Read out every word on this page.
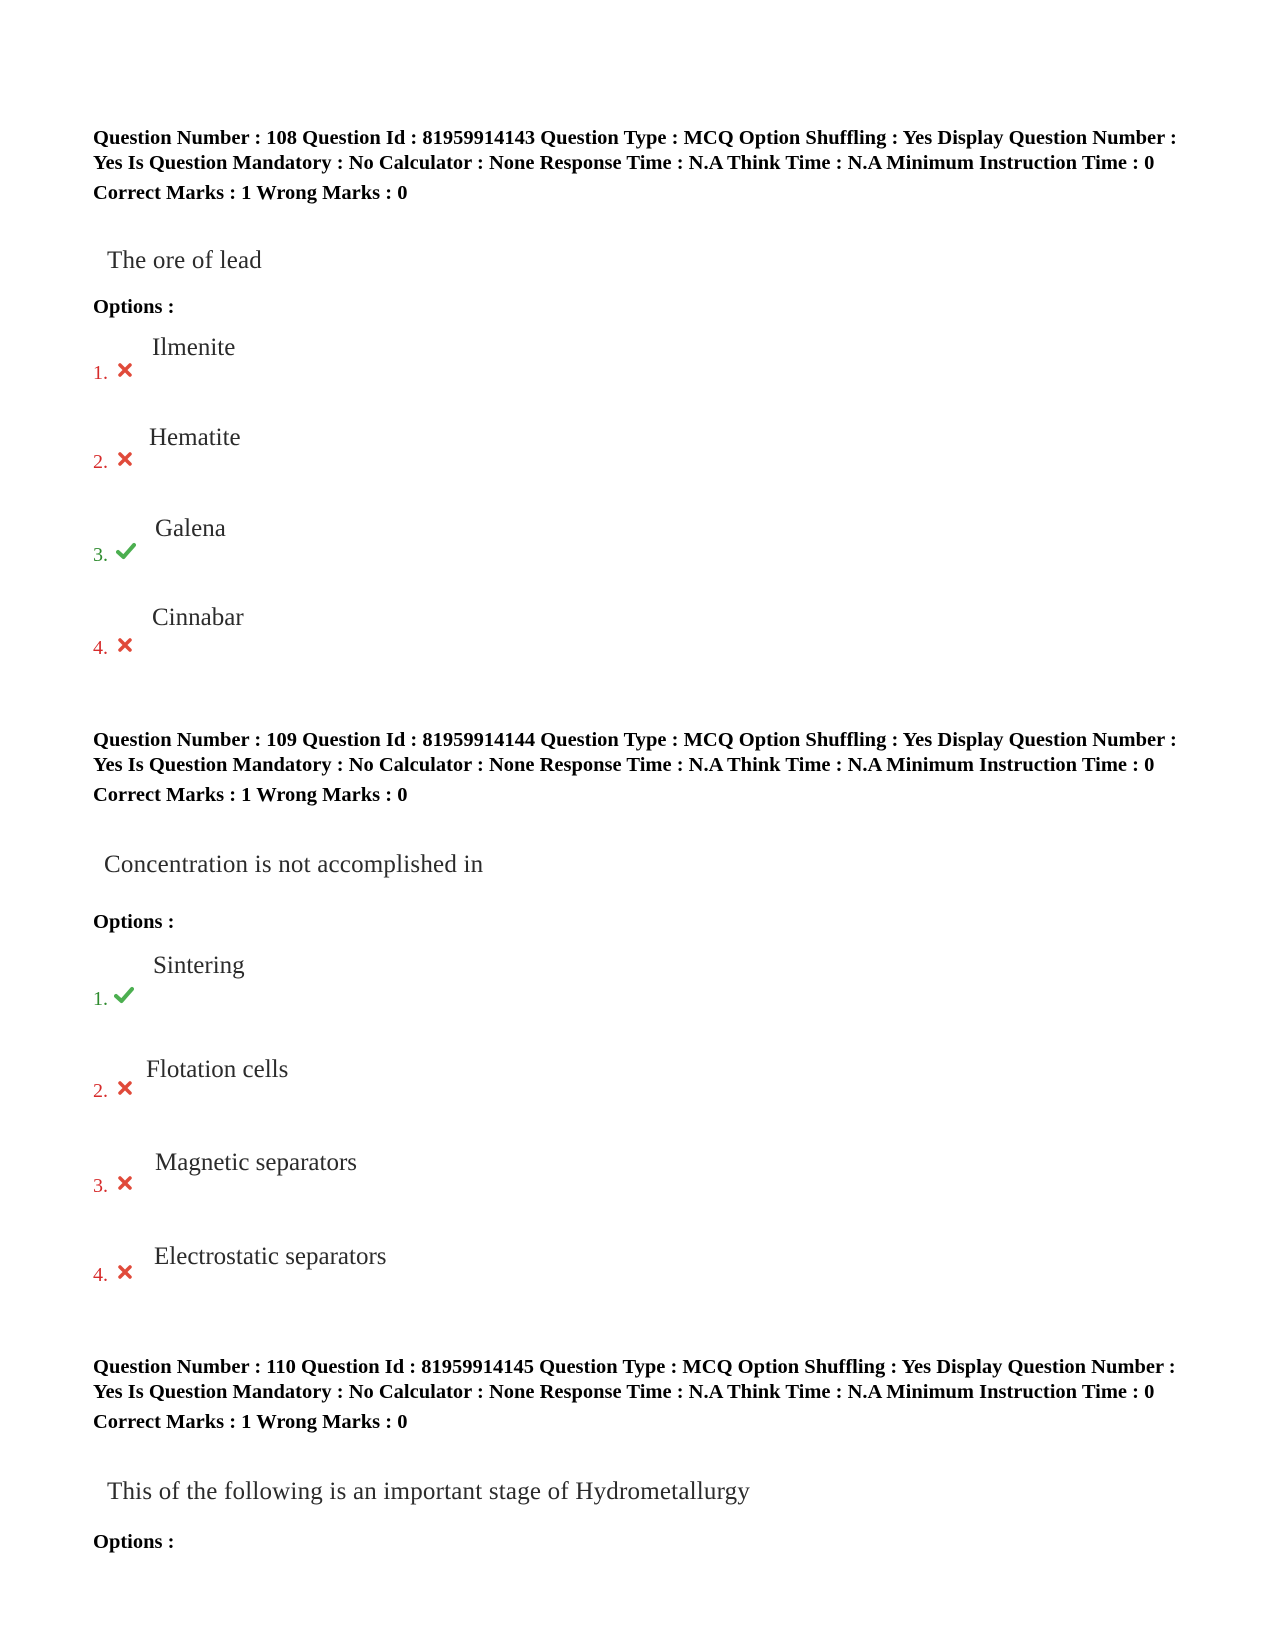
Question Number : 108 Question Id : 81959914143 Question Type : MCQ Option Shuffling : Yes Display Question Number : Yes Is Question Mandatory : No Calculator : None Response Time : N.A Think Time : N.A Minimum Instruction Time : 0

Correct Marks : 1 Wrong Marks : 0
The ore of lead
Options :
Ilmenite
1.
Hematite
2.
Galena
3.
Cinnabar
4.

Question Number : 109 Question Id : 81959914144 Question Type : MCQ Option Shuffling : Yes Display Question Number : Yes Is Question Mandatory : No Calculator : None Response Time : N.A Think Time : N.A Minimum Instruction Time : 0

Correct Marks : 1 Wrong Marks : 0
Concentration is not accomplished in
Options :
Sintering
1.
Flotation cells
2.
Magnetic separators
3.
Electrostatic separators
4.

Question Number : 110 Question Id : 81959914145 Question Type : MCQ Option Shuffling : Yes Display Question Number : Yes Is Question Mandatory : No Calculator : None Response Time : N.A Think Time : N.A Minimum Instruction Time : 0

Correct Marks : 1 Wrong Marks : 0
This of the following is an important stage of Hydrometallurgy
Options :
